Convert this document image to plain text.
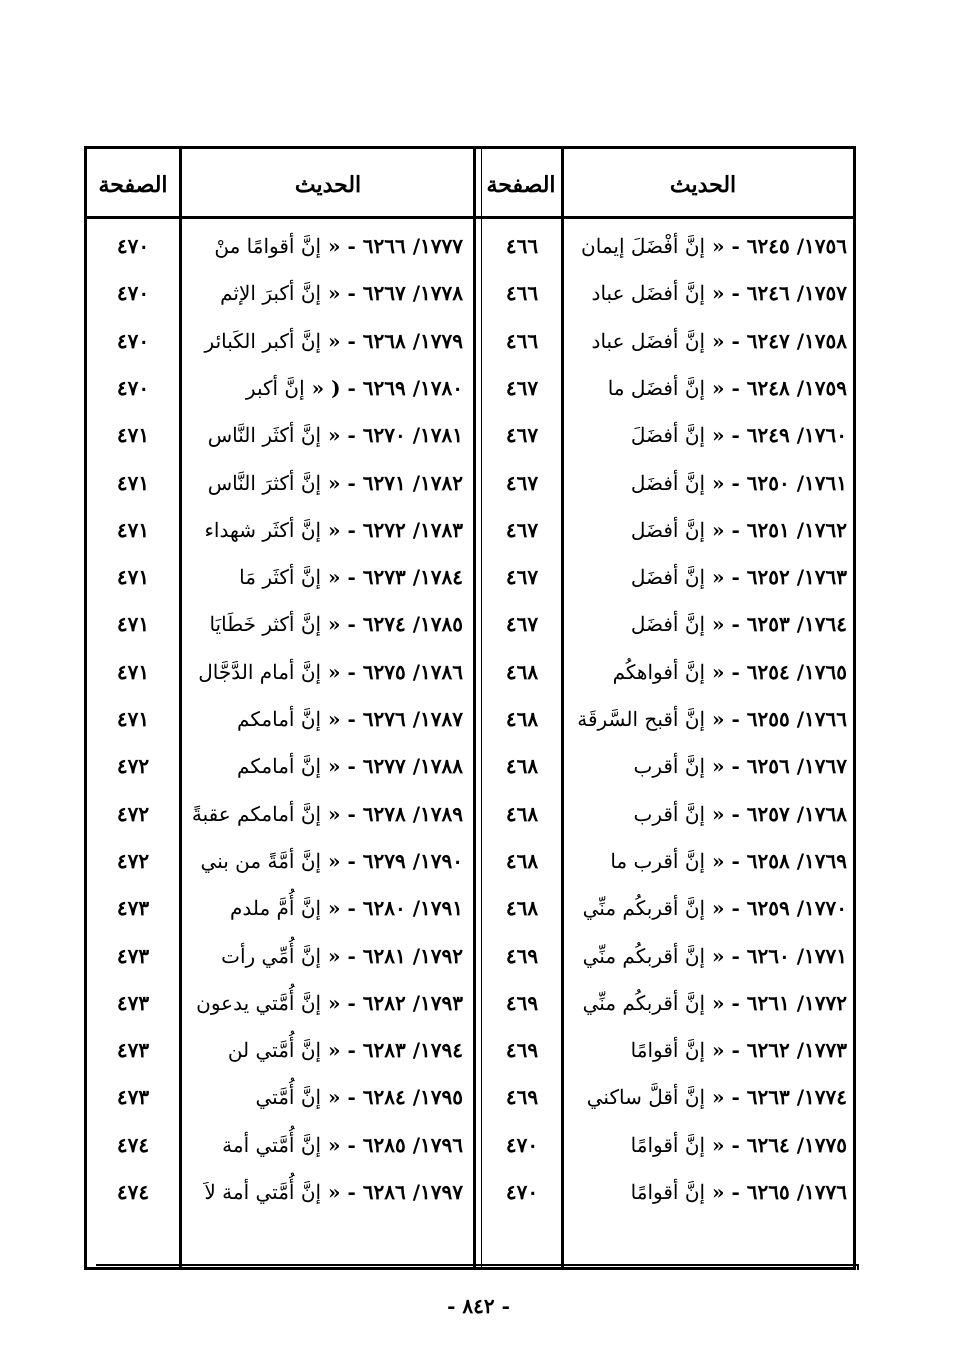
الحديث
الصفحة
الحديث
الصفحة
١٧٥٦/ ٦٢٤٥ - « إنَّ أفْضَلَ إيمان
٤٦٦
١٧٥٧/ ٦٢٤٦ - « إنَّ أفضَل عباد
٤٦٦
١٧٥٨/ ٦٢٤٧ - « إنَّ أفضَل عباد
٤٦٦
١٧٥٩/ ٦٢٤٨ - « إنَّ أفضَل ما
٤٦٧
١٧٦٠/ ٦٢٤٩ - « إنَّ أفضَلَ
٤٦٧
١٧٦١/ ٦٢٥٠ - « إنَّ أفضَل
٤٦٧
١٧٦٢/ ٦٢٥١ - « إنَّ أفضَل
٤٦٧
١٧٦٣/ ٦٢٥٢ - « إنَّ أفضَل
٤٦٧
١٧٦٤/ ٦٢٥٣ - « إنَّ أفضَل
٤٦٧
١٧٦٥/ ٦٢٥٤ - « إنَّ أفواهكُم
٤٦٨
١٧٦٦/ ٦٢٥٥ - « إنَّ أقبح السَّرقَة
٤٦٨
١٧٦٧/ ٦٢٥٦ - « إنَّ أقرب
٤٦٨
١٧٦٨/ ٦٢٥٧ - « إنَّ أقرب
٤٦٨
١٧٦٩/ ٦٢٥٨ - « إنَّ أقرب ما
٤٦٨
١٧٧٠/ ٦٢٥٩ - « إنَّ أقربكُم منِّي
٤٦٨
١٧٧١/ ٦٢٦٠ - « إنَّ أقربكُم منِّي
٤٦٩
١٧٧٢/ ٦٢٦١ - « إنَّ أقربكُم منِّي
٤٦٩
١٧٧٣/ ٦٢٦٢ - « إنَّ أقوامًا
٤٦٩
١٧٧٤/ ٦٢٦٣ - « إنَّ أقلَّ ساكني
٤٦٩
١٧٧٥/ ٦٢٦٤ - « إنَّ أقوامًا
٤٧٠
١٧٧٦/ ٦٢٦٥ - « إنَّ أقوامًا
٤٧٠
١٧٧٧/ ٦٢٦٦ - « إنَّ أقوامًا منْ
٤٧٠
١٧٧٨/ ٦٢٦٧ - « إنَّ أكبرَ الإثم
٤٧٠
١٧٧٩/ ٦٢٦٨ - « إنَّ أكبر الكَبائر
٤٧٠
١٧٨٠/ ٦٢٦٩ - ( « إنَّ أكبر
٤٧٠
١٧٨١/ ٦٢٧٠ - « إنَّ أكثَر النَّاس
٤٧١
١٧٨٢/ ٦٢٧١ - « إنَّ أكثرَ النَّاس
٤٧١
١٧٨٣/ ٦٢٧٢ - « إنَّ أكثَر شهداء
٤٧١
١٧٨٤/ ٦٢٧٣ - « إنَّ أكثَر مَا
٤٧١
١٧٨٥/ ٦٢٧٤ - « إنَّ أكثر خَطَايَا
٤٧١
١٧٨٦/ ٦٢٧٥ - « إنَّ أمام الدَّجَّال
٤٧١
١٧٨٧/ ٦٢٧٦ - « إنَّ أمامكم
٤٧١
١٧٨٨/ ٦٢٧٧ - « إنَّ أمامكم
٤٧٢
١٧٨٩/ ٦٢٧٨ - « إنَّ أمامكم عقبةً
٤٧٢
١٧٩٠/ ٦٢٧٩ - « إنَّ أمَّةً من بني
٤٧٢
١٧٩١/ ٦٢٨٠ - « إنَّ أُمَّ ملدم
٤٧٣
١٧٩٢/ ٦٢٨١ - « إنَّ أُمِّي رأت
٤٧٣
١٧٩٣/ ٦٢٨٢ - « إنَّ أُمَّتي يدعون
٤٧٣
١٧٩٤/ ٦٢٨٣ - « إنَّ أُمَّتي لن
٤٧٣
١٧٩٥/ ٦٢٨٤ - « إنَّ أُمَّتي
٤٧٣
١٧٩٦/ ٦٢٨٥ - « إنَّ أُمَّتي أمة
٤٧٤
١٧٩٧/ ٦٢٨٦ - « إنَّ أُمَّتي أمة لاَ
٤٧٤
- ٨٤٢ -
